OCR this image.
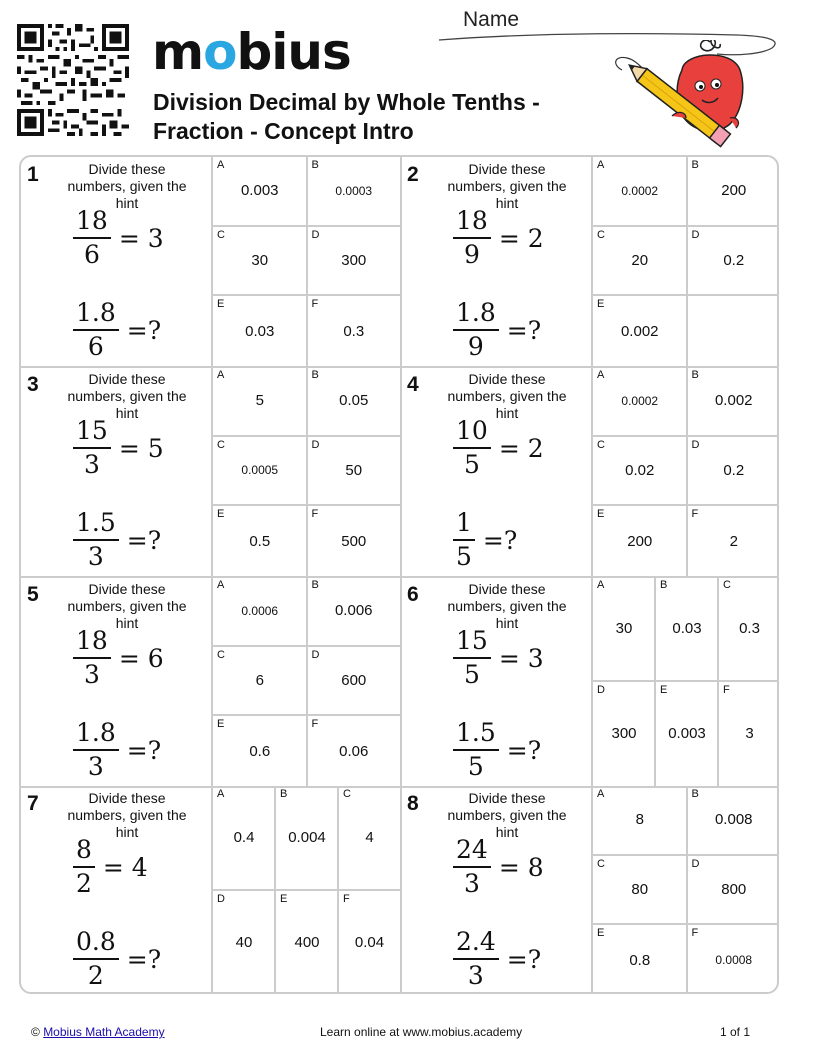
mobius
Division Decimal by Whole Tenths -
Fraction - Concept Intro
Name
1	Divide these numbers, given the hint
$\frac{18}{6} = 3$
$\frac{1.8}{6}$ =?
A
0.003
B
0.0003
C
30
D
300
E
0.03
F
0.3
2	Divide these numbers, given the hint
$\frac{18}{9} = 2$
$\frac{1.8}{9}$ =?
A
0.0002
B
200
C
20
D
0.2
E
0.002
3	Divide these numbers, given the hint
$\frac{15}{3} = 5$
$\frac{1.5}{3}$ =?
A
5
B
0.05
C
0.0005
D
50
E
0.5
F
500
4	Divide these numbers, given the hint
$\frac{10}{5} = 2$
$\frac{1}{5}$ =?
A
0.0002
B
0.002
C
0.02
D
0.2
E
200
F
2
5	Divide these numbers, given the hint
$\frac{18}{3} = 6$
$\frac{1.8}{3}$ =?
A
0.0006
B
0.006
C
6
D
600
E
0.6
F
0.06
6	Divide these numbers, given the hint
$\frac{15}{5} = 3$
$\frac{1.5}{5}$ =?
A
30
B
0.03
C
0.3
D
300
E
0.003
F
3
7	Divide these numbers, given the hint
$\frac{8}{2} = 4$
$\frac{0.8}{2}$ =?
A
0.4
B
0.004
C
4
D
40
E
400
F
0.04
8	Divide these numbers, given the hint
$\frac{24}{3} = 8$
$\frac{2.4}{3}$ =?
A
8
B
0.008
C
80
D
800
E
0.8
F
0.0008
© Mobius Math Academy	Learn online at www.mobius.academy	1 of 1
